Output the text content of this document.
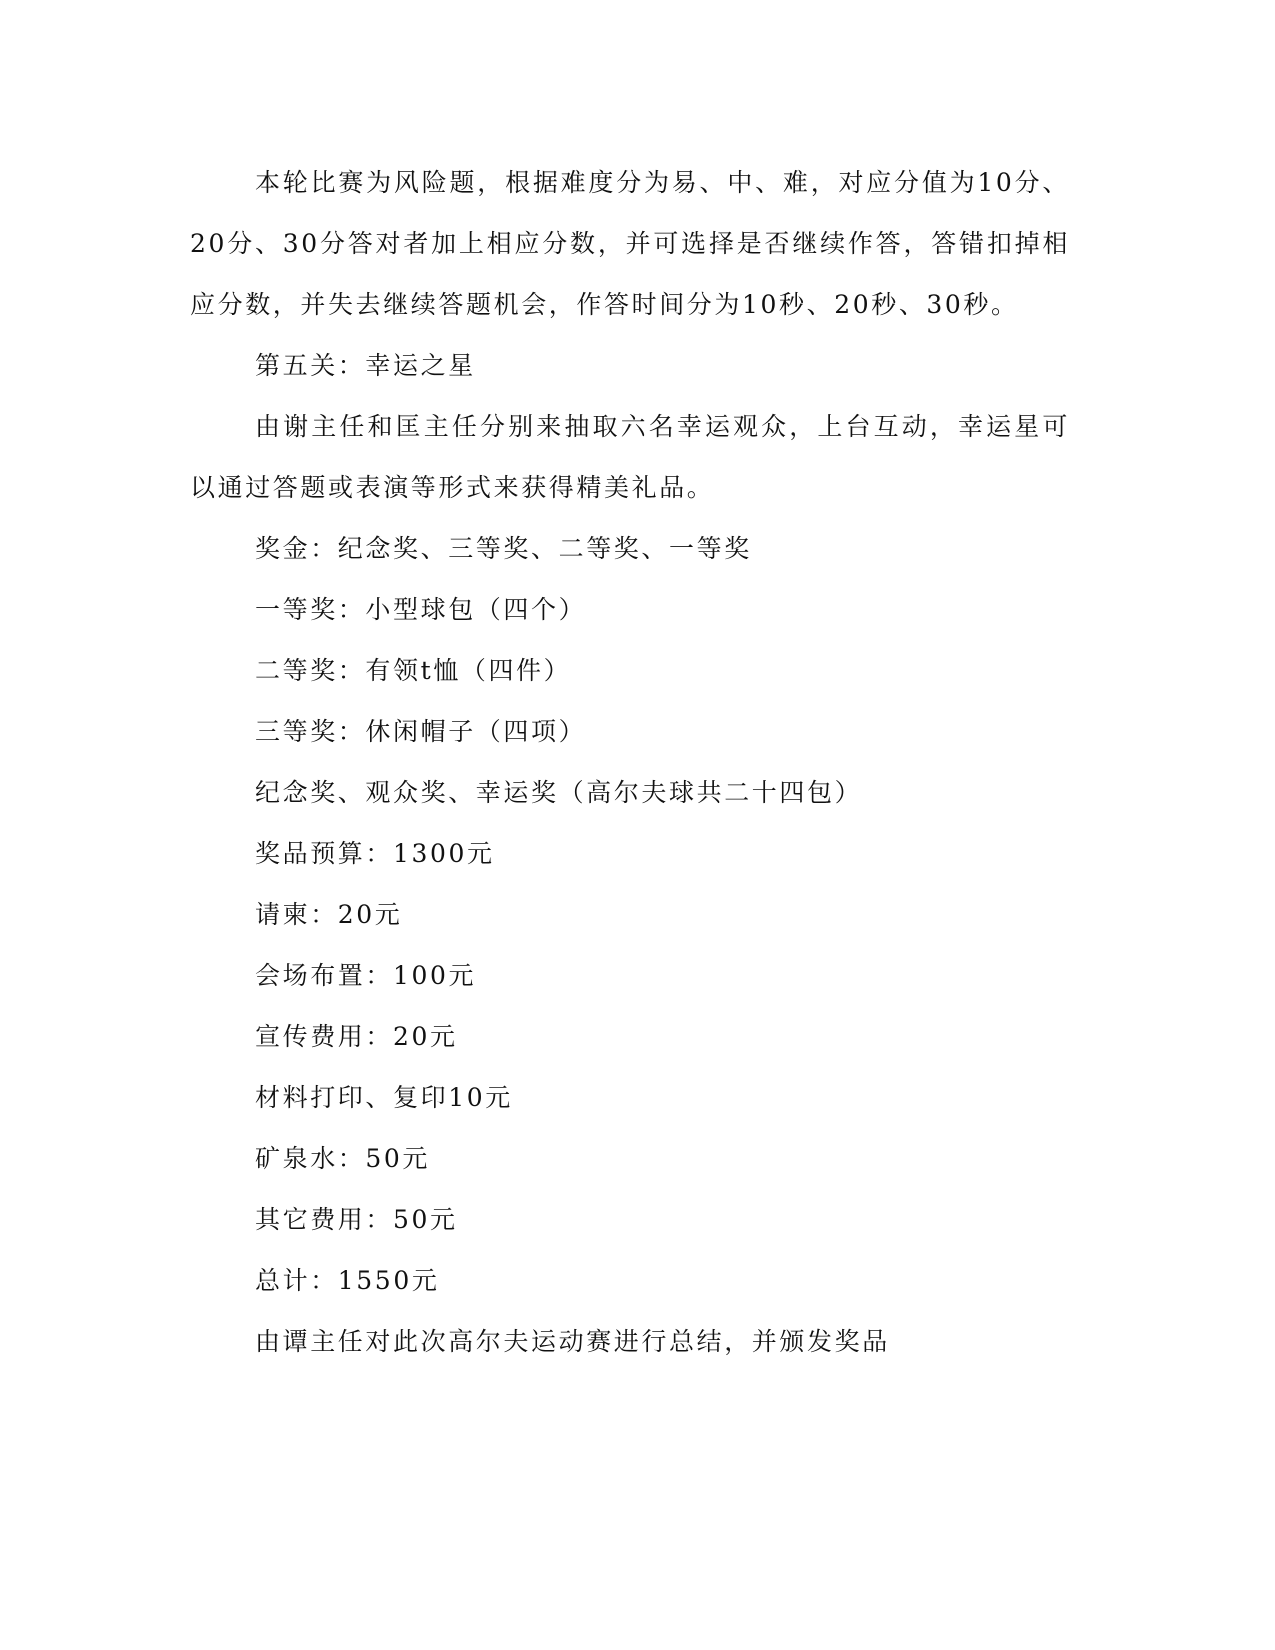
本轮比赛为风险题，根据难度分为易、中、难，对应分值为10分、20分、30分答对者加上相应分数，并可选择是否继续作答，答错扣掉相应分数，并失去继续答题机会，作答时间分为10秒、20秒、30秒。

第五关：幸运之星

由谢主任和匡主任分别来抽取六名幸运观众，上台互动，幸运星可以通过答题或表演等形式来获得精美礼品。

奖金：纪念奖、三等奖、二等奖、一等奖

一等奖：小型球包（四个）

二等奖：有领t恤（四件）

三等奖：休闲帽子（四项）

纪念奖、观众奖、幸运奖（高尔夫球共二十四包）

奖品预算：1300元

请柬：20元

会场布置：100元

宣传费用：20元

材料打印、复印10元

矿泉水：50元

其它费用：50元

总计：1550元

由谭主任对此次高尔夫运动赛进行总结，并颁发奖品
